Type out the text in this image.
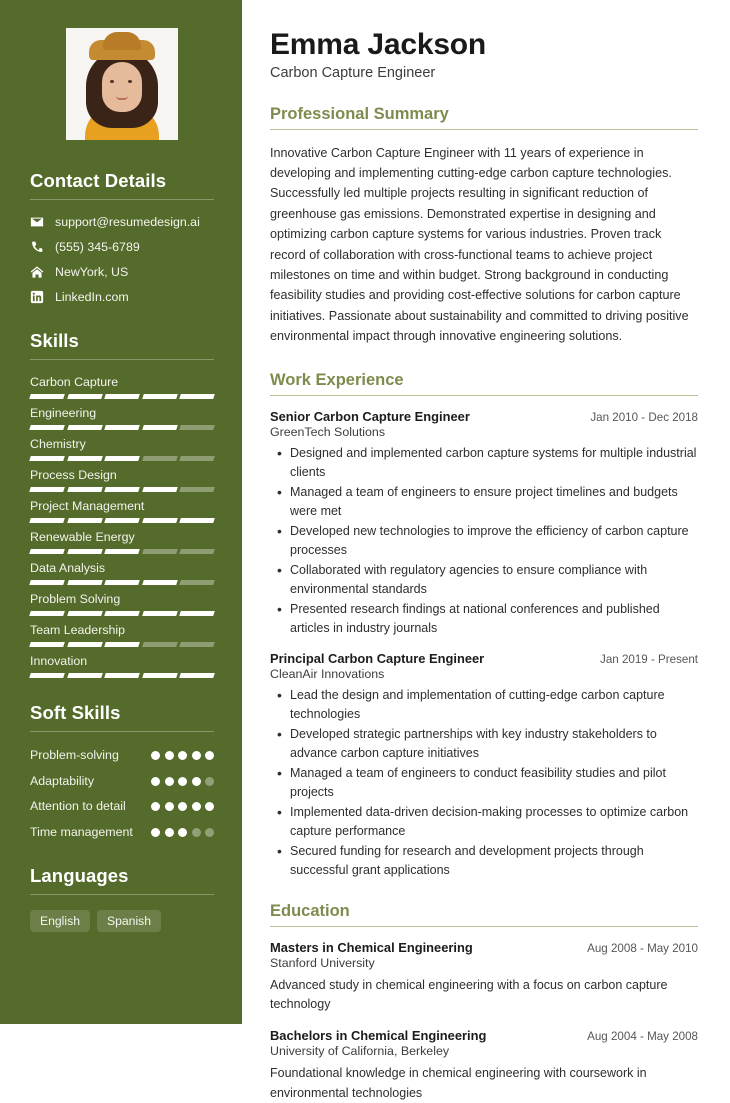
Contact Details
support@resumedesign.ai
(555) 345-6789
NewYork, US
LinkedIn.com
Skills
Carbon Capture
Engineering
Chemistry
Process Design
Project Management
Renewable Energy
Data Analysis
Problem Solving
Team Leadership
Innovation
Soft Skills
Problem-solving
Adaptability
Attention to detail
Time management
Languages
English	Spanish
Emma Jackson
Carbon Capture Engineer
Professional Summary

Innovative Carbon Capture Engineer with 11 years of experience in developing and implementing cutting-edge carbon capture technologies. Successfully led multiple projects resulting in significant reduction of greenhouse gas emissions. Demonstrated expertise in designing and optimizing carbon capture systems for various industries. Proven track record of collaboration with cross-functional teams to achieve project milestones on time and within budget. Strong background in conducting feasibility studies and providing cost-effective solutions for carbon capture initiatives. Passionate about sustainability and committed to driving positive environmental impact through innovative engineering solutions.

Work Experience
Senior Carbon Capture Engineer	Jan 2010 - Dec 2018
GreenTech Solutions
• Designed and implemented carbon capture systems for multiple industrial clients
• Managed a team of engineers to ensure project timelines and budgets were met
• Developed new technologies to improve the efficiency of carbon capture processes
• Collaborated with regulatory agencies to ensure compliance with environmental standards
• Presented research findings at national conferences and published articles in industry journals
Principal Carbon Capture Engineer	Jan 2019 - Present
CleanAir Innovations
• Lead the design and implementation of cutting-edge carbon capture technologies
• Developed strategic partnerships with key industry stakeholders to advance carbon capture initiatives
• Managed a team of engineers to conduct feasibility studies and pilot projects
• Implemented data-driven decision-making processes to optimize carbon capture performance
• Secured funding for research and development projects through successful grant applications
Education
Masters in Chemical Engineering	Aug 2008 - May 2010
Stanford University
Advanced study in chemical engineering with a focus on carbon capture technology
Bachelors in Chemical Engineering	Aug 2004 - May 2008
University of California, Berkeley
Foundational knowledge in chemical engineering with coursework in environmental technologies
